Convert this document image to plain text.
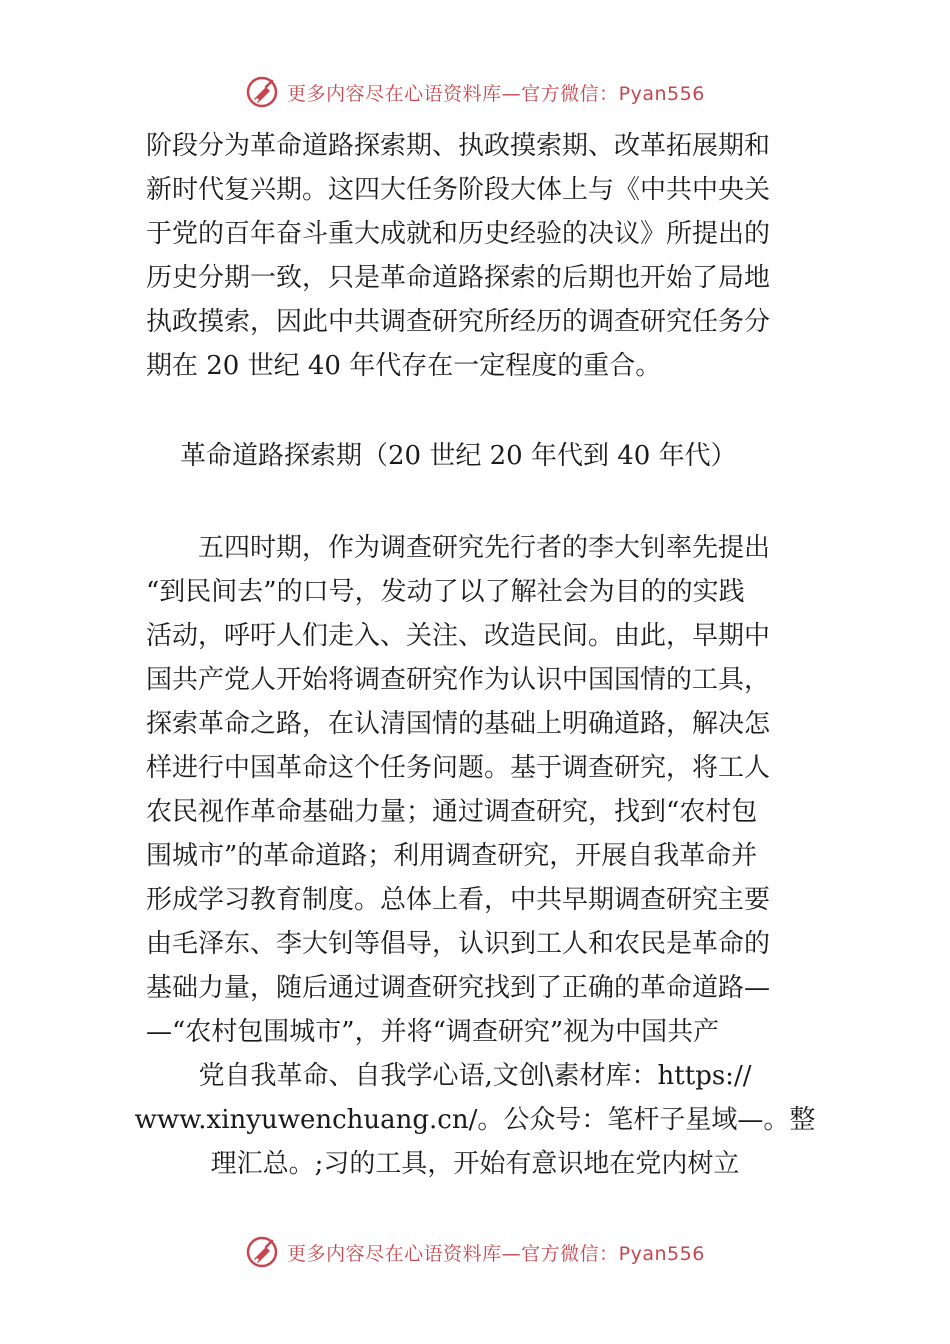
更多内容尽在心语资料库—官方微信：Pyan556
阶段分为革命道路探索期、执政摸索期、改革拓展期和
新时代复兴期。这四大任务阶段大体上与《中共中央关
于党的百年奋斗重大成就和历史经验的决议》所提出的
历史分期一致，只是革命道路探索的后期也开始了局地
执政摸索，因此中共调查研究所经历的调查研究任务分
期在 20 世纪 40 年代存在一定程度的重合。
革命道路探索期（20 世纪 20 年代到 40 年代）
五四时期，作为调查研究先行者的李大钊率先提出
“到民间去”的口号，发动了以了解社会为目的的实践
活动，呼吁人们走入、关注、改造民间。由此，早期中
国共产党人开始将调查研究作为认识中国国情的工具，
探索革命之路，在认清国情的基础上明确道路，解决怎
样进行中国革命这个任务问题。基于调查研究，将工人
农民视作革命基础力量；通过调查研究，找到“农村包
围城市”的革命道路；利用调查研究，开展自我革命并
形成学习教育制度。总体上看，中共早期调查研究主要
由毛泽东、李大钊等倡导，认识到工人和农民是革命的
基础力量，随后通过调查研究找到了正确的革命道路—
—“农村包围城市”，并将“调查研究”视为中国共产
党自我革命、自我学心语,文创\素材库：https://
www.xinyuwenchuang.cn/。公众号：笔杆子星域—。整
理汇总。;习的工具，开始有意识地在党内树立
更多内容尽在心语资料库—官方微信：Pyan556
